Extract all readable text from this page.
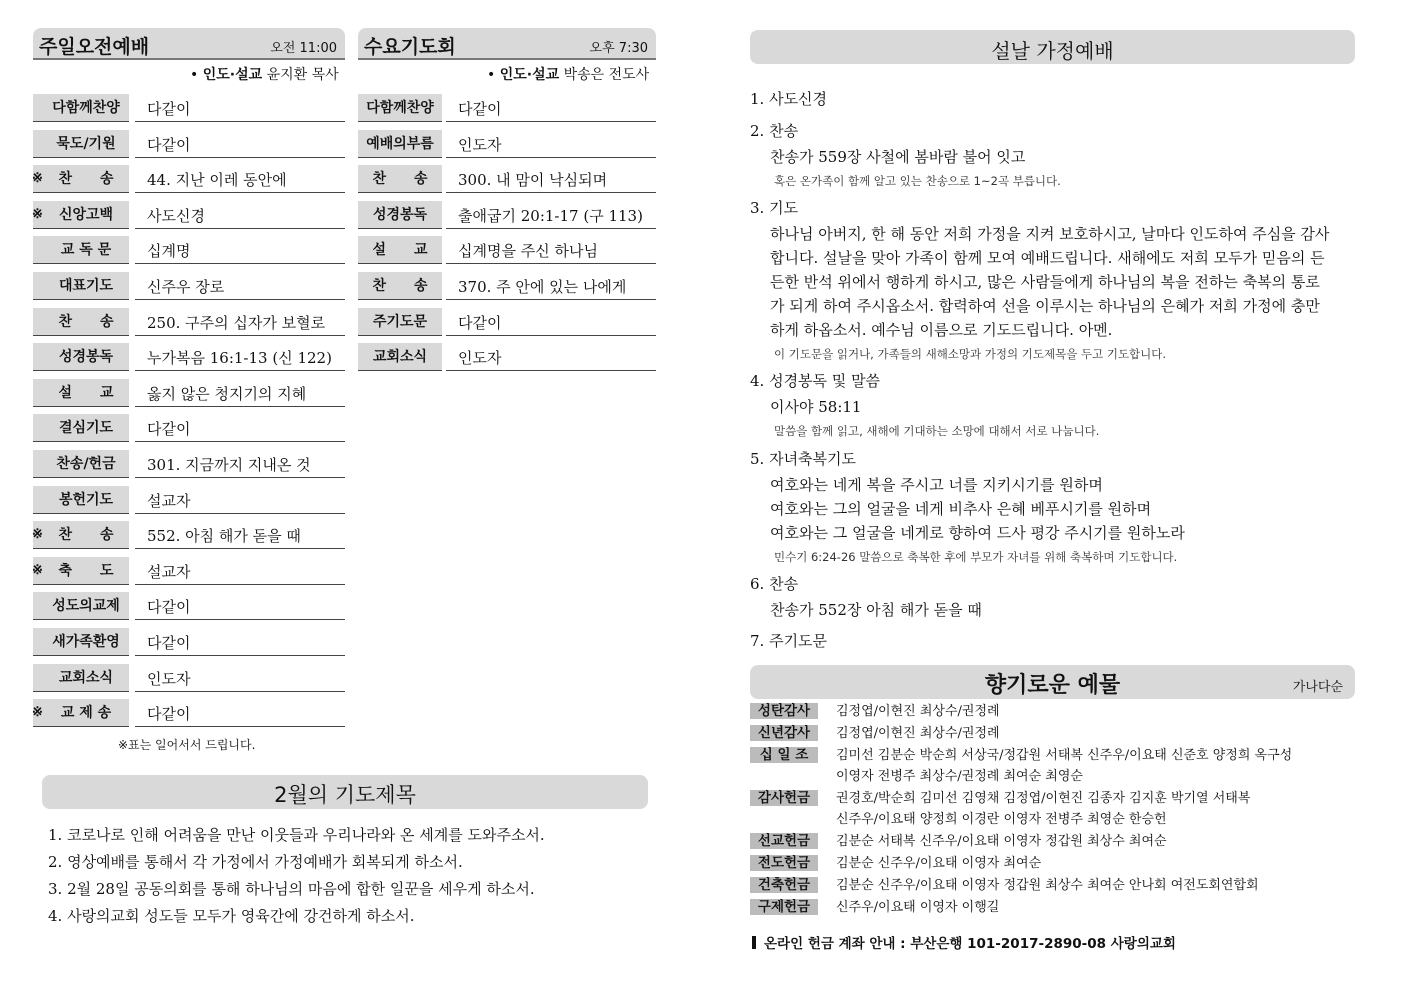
주일오전예배	오전 11:00
• 인도·설교 윤지환 목사
다함께찬양	다같이
묵도/기원	다같이
※	찬　　송	44. 지난 이레 동안에
※	신앙고백	사도신경
교 독 문	십계명
대표기도	신주우 장로
찬　　송	250. 구주의 십자가 보혈로
성경봉독	누가복음 16:1-13 (신 122)
설　　교	옳지 않은 청지기의 지혜
결심기도	다같이
찬송/헌금	301. 지금까지 지내온 것
봉헌기도	설교자
※	찬　　송	552. 아침 해가 돋을 때
※	축　　도	설교자
성도의교제	다같이
새가족환영	다같이
교회소식	인도자
※	교 제 송	다같이
※표는 일어서서 드립니다.
수요기도회	오후 7:30
• 인도·설교 박송은 전도사
다함께찬양	다같이
예배의부름	인도자
찬　　송	300. 내 맘이 낙심되며
성경봉독	출애굽기 20:1-17 (구 113)
설　　교	십계명을 주신 하나님
찬　　송	370. 주 안에 있는 나에게
주기도문	다같이
교회소식	인도자
2월의 기도제목
1. 코로나로 인해 어려움을 만난 이웃들과 우리나라와 온 세계를 도와주소서.
2. 영상예배를 통해서 각 가정에서 가정예배가 회복되게 하소서.
3. 2월 28일 공동의회를 통해 하나님의 마음에 합한 일꾼을 세우게 하소서.
4. 사랑의교회 성도들 모두가 영육간에 강건하게 하소서.
설날 가정예배
1. 사도신경
2. 찬송
찬송가 559장 사철에 봄바람 불어 잇고
혹은 온가족이 함께 알고 있는 찬송으로 1~2곡 부릅니다.
3. 기도
하나님 아버지, 한 해 동안 저희 가정을 지켜 보호하시고, 날마다 인도하여 주심을 감사
합니다. 설날을 맞아 가족이 함께 모여 예배드립니다. 새해에도 저희 모두가 믿음의 든
든한 반석 위에서 행하게 하시고, 많은 사람들에게 하나님의 복을 전하는 축복의 통로
가 되게 하여 주시옵소서. 합력하여 선을 이루시는 하나님의 은혜가 저희 가정에 충만
하게 하옵소서. 예수님 이름으로 기도드립니다. 아멘.
이 기도문을 읽거나, 가족들의 새해소망과 가정의 기도제목을 두고 기도합니다.
4. 성경봉독 및 말씀
이사야 58:11
말씀을 함께 읽고, 새해에 기대하는 소망에 대해서 서로 나눕니다.
5. 자녀축복기도
여호와는 네게 복을 주시고 너를 지키시기를 원하며
여호와는 그의 얼굴을 네게 비추사 은혜 베푸시기를 원하며
여호와는 그 얼굴을 네게로 향하여 드사 평강 주시기를 원하노라
민수기 6:24-26 말씀으로 축복한 후에 부모가 자녀를 위해 축복하며 기도합니다.
6. 찬송
찬송가 552장 아침 해가 돋을 때
7. 주기도문
향기로운 예물	가나다순
성탄감사	김정엽/이현진 최상수/권정례
신년감사	김정엽/이현진 최상수/권정례
십 일 조	김미선 김분순 박순희 서상국/정갑원 서태복 신주우/이요태 신준호 양정희 옥구성
이영자 전병주 최상수/권정례 최여순 최영순
감사헌금	권경호/박순희 김미선 김영채 김정엽/이현진 김종자 김지훈 박기열 서태복
신주우/이요태 양정희 이경란 이영자 전병주 최영순 한승헌
선교헌금	김분순 서태복 신주우/이요태 이영자 정갑원 최상수 최여순
전도헌금	김분순 신주우/이요태 이영자 최여순
건축헌금	김분순 신주우/이요태 이영자 정갑원 최상수 최여순 안나회 여전도회연합회
구제헌금	신주우/이요태 이영자 이행길
온라인 헌금 계좌 안내 : 부산은행 101-2017-2890-08 사랑의교회
